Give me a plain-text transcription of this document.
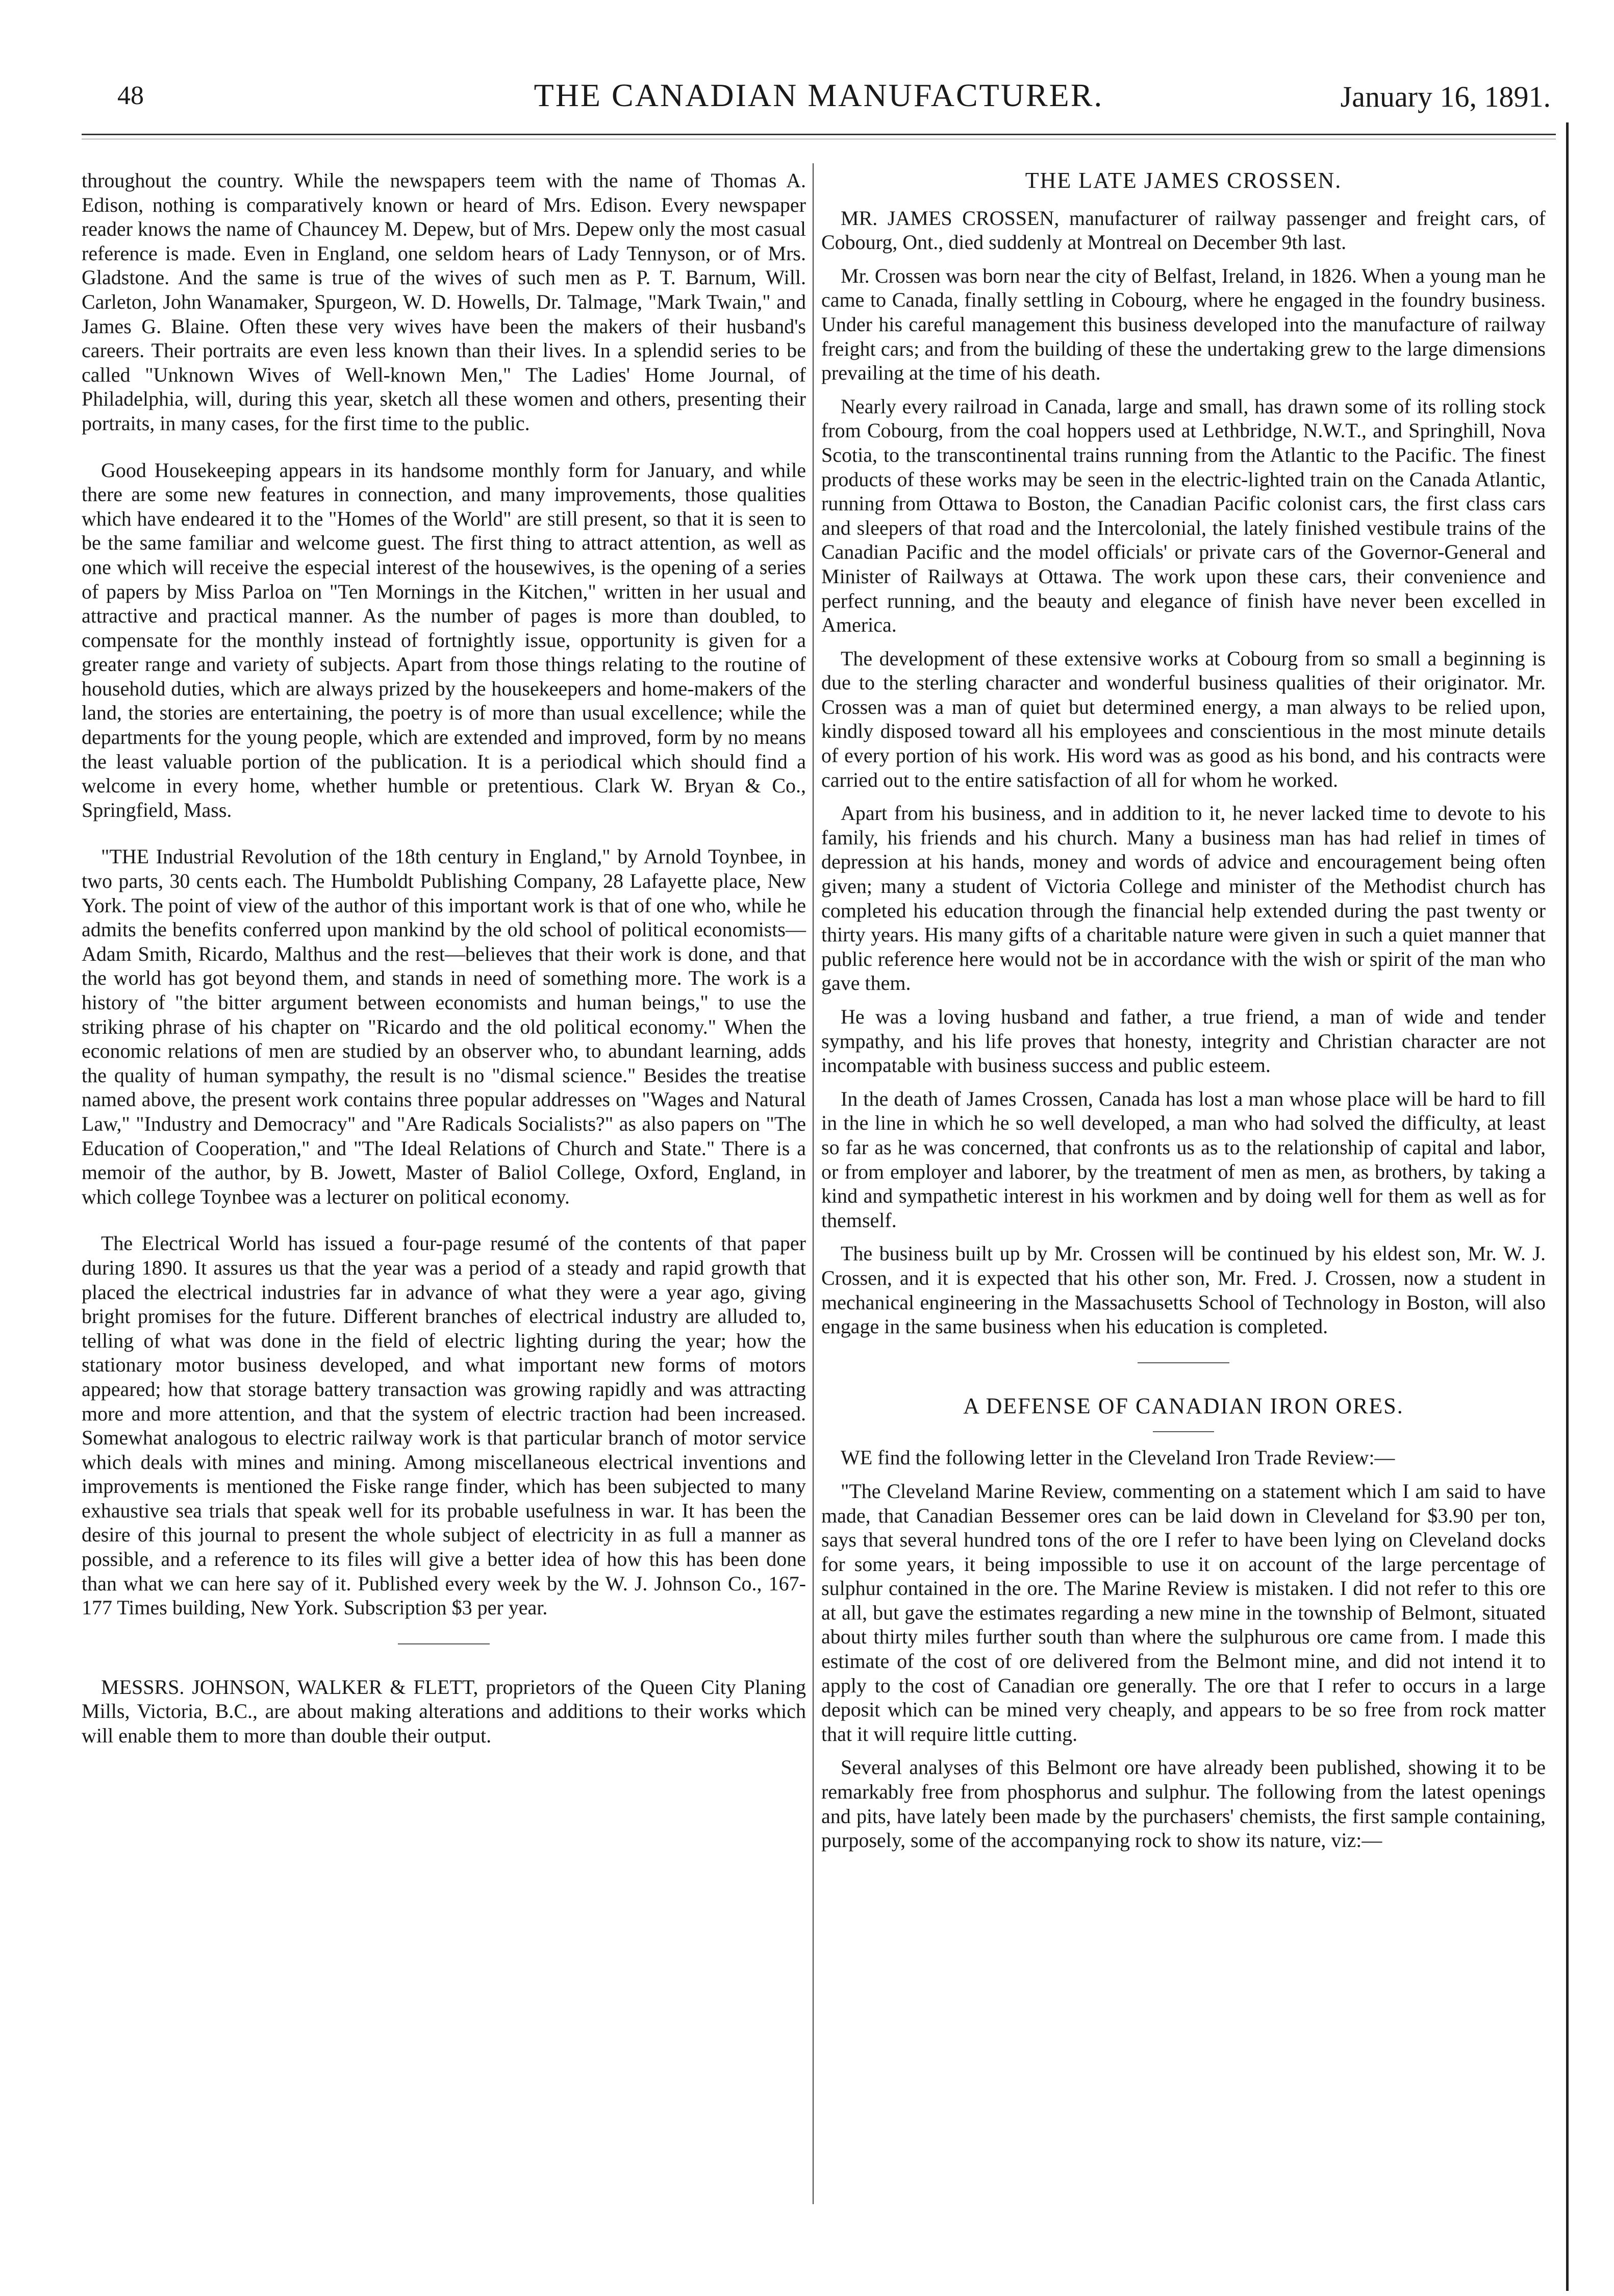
48	THE CANADIAN MANUFACTURER.	January 16, 1891.

throughout the country. While the newspapers teem with the name of Thomas A. Edison, nothing is comparatively known or heard of Mrs. Edison. Every newspaper reader knows the name of Chauncey M. Depew, but of Mrs. Depew only the most casual reference is made. Even in England, one seldom hears of Lady Tennyson, or of Mrs. Gladstone. And the same is true of the wives of such men as P. T. Barnum, Will. Carleton, John Wanamaker, Spurgeon, W. D. Howells, Dr. Talmage, "Mark Twain," and James G. Blaine. Often these very wives have been the makers of their husband's careers. Their portraits are even less known than their lives. In a splendid series to be called "Unknown Wives of Well-known Men," The Ladies' Home Journal, of Philadelphia, will, during this year, sketch all these women and others, presenting their portraits, in many cases, for the first time to the public.

Good Housekeeping appears in its handsome monthly form for January, and while there are some new features in connection, and many improvements, those qualities which have endeared it to the "Homes of the World" are still present, so that it is seen to be the same familiar and welcome guest. The first thing to attract attention, as well as one which will receive the especial interest of the housewives, is the opening of a series of papers by Miss Parloa on "Ten Mornings in the Kitchen," written in her usual and attractive and practical manner. As the number of pages is more than doubled, to compensate for the monthly instead of fortnightly issue, opportunity is given for a greater range and variety of subjects. Apart from those things relating to the routine of household duties, which are always prized by the housekeepers and home-makers of the land, the stories are entertaining, the poetry is of more than usual excellence; while the departments for the young people, which are extended and improved, form by no means the least valuable portion of the publication. It is a periodical which should find a welcome in every home, whether humble or pretentious. Clark W. Bryan & Co., Springfield, Mass.

"THE Industrial Revolution of the 18th century in England," by Arnold Toynbee, in two parts, 30 cents each. The Humboldt Publishing Company, 28 Lafayette place, New York. The point of view of the author of this important work is that of one who, while he admits the benefits conferred upon mankind by the old school of political economists—Adam Smith, Ricardo, Malthus and the rest—believes that their work is done, and that the world has got beyond them, and stands in need of something more. The work is a history of "the bitter argument between economists and human beings," to use the striking phrase of his chapter on "Ricardo and the old political economy." When the economic relations of men are studied by an observer who, to abundant learning, adds the quality of human sympathy, the result is no "dismal science." Besides the treatise named above, the present work contains three popular addresses on "Wages and Natural Law," "Industry and Democracy" and "Are Radicals Socialists?" as also papers on "The Education of Cooperation," and "The Ideal Relations of Church and State." There is a memoir of the author, by B. Jowett, Master of Baliol College, Oxford, England, in which college Toynbee was a lecturer on political economy.

The Electrical World has issued a four-page resumé of the contents of that paper during 1890. It assures us that the year was a period of a steady and rapid growth that placed the electrical industries far in advance of what they were a year ago, giving bright promises for the future. Different branches of electrical industry are alluded to, telling of what was done in the field of electric lighting during the year; how the stationary motor business developed, and what important new forms of motors appeared; how that storage battery transaction was growing rapidly and was attracting more and more attention, and that the system of electric traction had been increased. Somewhat analogous to electric railway work is that particular branch of motor service which deals with mines and mining. Among miscellaneous electrical inventions and improvements is mentioned the Fiske range finder, which has been subjected to many exhaustive sea trials that speak well for its probable usefulness in war. It has been the desire of this journal to present the whole subject of electricity in as full a manner as possible, and a reference to its files will give a better idea of how this has been done than what we can here say of it. Published every week by the W. J. Johnson Co., 167-177 Times building, New York. Subscription $3 per year.

MESSRS. JOHNSON, WALKER & FLETT, proprietors of the Queen City Planing Mills, Victoria, B.C., are about making alterations and additions to their works which will enable them to more than double their output.

THE LATE JAMES CROSSEN.

MR. JAMES CROSSEN, manufacturer of railway passenger and freight cars, of Cobourg, Ont., died suddenly at Montreal on December 9th last.

Mr. Crossen was born near the city of Belfast, Ireland, in 1826. When a young man he came to Canada, finally settling in Cobourg, where he engaged in the foundry business. Under his careful management this business developed into the manufacture of railway freight cars; and from the building of these the undertaking grew to the large dimensions prevailing at the time of his death.

Nearly every railroad in Canada, large and small, has drawn some of its rolling stock from Cobourg, from the coal hoppers used at Lethbridge, N.W.T., and Springhill, Nova Scotia, to the transcontinental trains running from the Atlantic to the Pacific. The finest products of these works may be seen in the electric-lighted train on the Canada Atlantic, running from Ottawa to Boston, the Canadian Pacific colonist cars, the first class cars and sleepers of that road and the Intercolonial, the lately finished vestibule trains of the Canadian Pacific and the model officials' or private cars of the Governor-General and Minister of Railways at Ottawa. The work upon these cars, their convenience and perfect running, and the beauty and elegance of finish have never been excelled in America.

The development of these extensive works at Cobourg from so small a beginning is due to the sterling character and wonderful business qualities of their originator. Mr. Crossen was a man of quiet but determined energy, a man always to be relied upon, kindly disposed toward all his employees and conscientious in the most minute details of every portion of his work. His word was as good as his bond, and his contracts were carried out to the entire satisfaction of all for whom he worked.

Apart from his business, and in addition to it, he never lacked time to devote to his family, his friends and his church. Many a business man has had relief in times of depression at his hands, money and words of advice and encouragement being often given; many a student of Victoria College and minister of the Methodist church has completed his education through the financial help extended during the past twenty or thirty years. His many gifts of a charitable nature were given in such a quiet manner that public reference here would not be in accordance with the wish or spirit of the man who gave them.

He was a loving husband and father, a true friend, a man of wide and tender sympathy, and his life proves that honesty, integrity and Christian character are not incompatable with business success and public esteem.

In the death of James Crossen, Canada has lost a man whose place will be hard to fill in the line in which he so well developed, a man who had solved the difficulty, at least so far as he was concerned, that confronts us as to the relationship of capital and labor, or from employer and laborer, by the treatment of men as men, as brothers, by taking a kind and sympathetic interest in his workmen and by doing well for them as well as for themself.

The business built up by Mr. Crossen will be continued by his eldest son, Mr. W. J. Crossen, and it is expected that his other son, Mr. Fred. J. Crossen, now a student in mechanical engineering in the Massachusetts School of Technology in Boston, will also engage in the same business when his education is completed.

A DEFENSE OF CANADIAN IRON ORES.

WE find the following letter in the Cleveland Iron Trade Review:—

"The Cleveland Marine Review, commenting on a statement which I am said to have made, that Canadian Bessemer ores can be laid down in Cleveland for $3.90 per ton, says that several hundred tons of the ore I refer to have been lying on Cleveland docks for some years, it being impossible to use it on account of the large percentage of sulphur contained in the ore. The Marine Review is mistaken. I did not refer to this ore at all, but gave the estimates regarding a new mine in the township of Belmont, situated about thirty miles further south than where the sulphurous ore came from. I made this estimate of the cost of ore delivered from the Belmont mine, and did not intend it to apply to the cost of Canadian ore generally. The ore that I refer to occurs in a large deposit which can be mined very cheaply, and appears to be so free from rock matter that it will require little cutting.

Several analyses of this Belmont ore have already been published, showing it to be remarkably free from phosphorus and sulphur. The following from the latest openings and pits, have lately been made by the purchasers' chemists, the first sample containing, purposely, some of the accompanying rock to show its nature, viz:—
